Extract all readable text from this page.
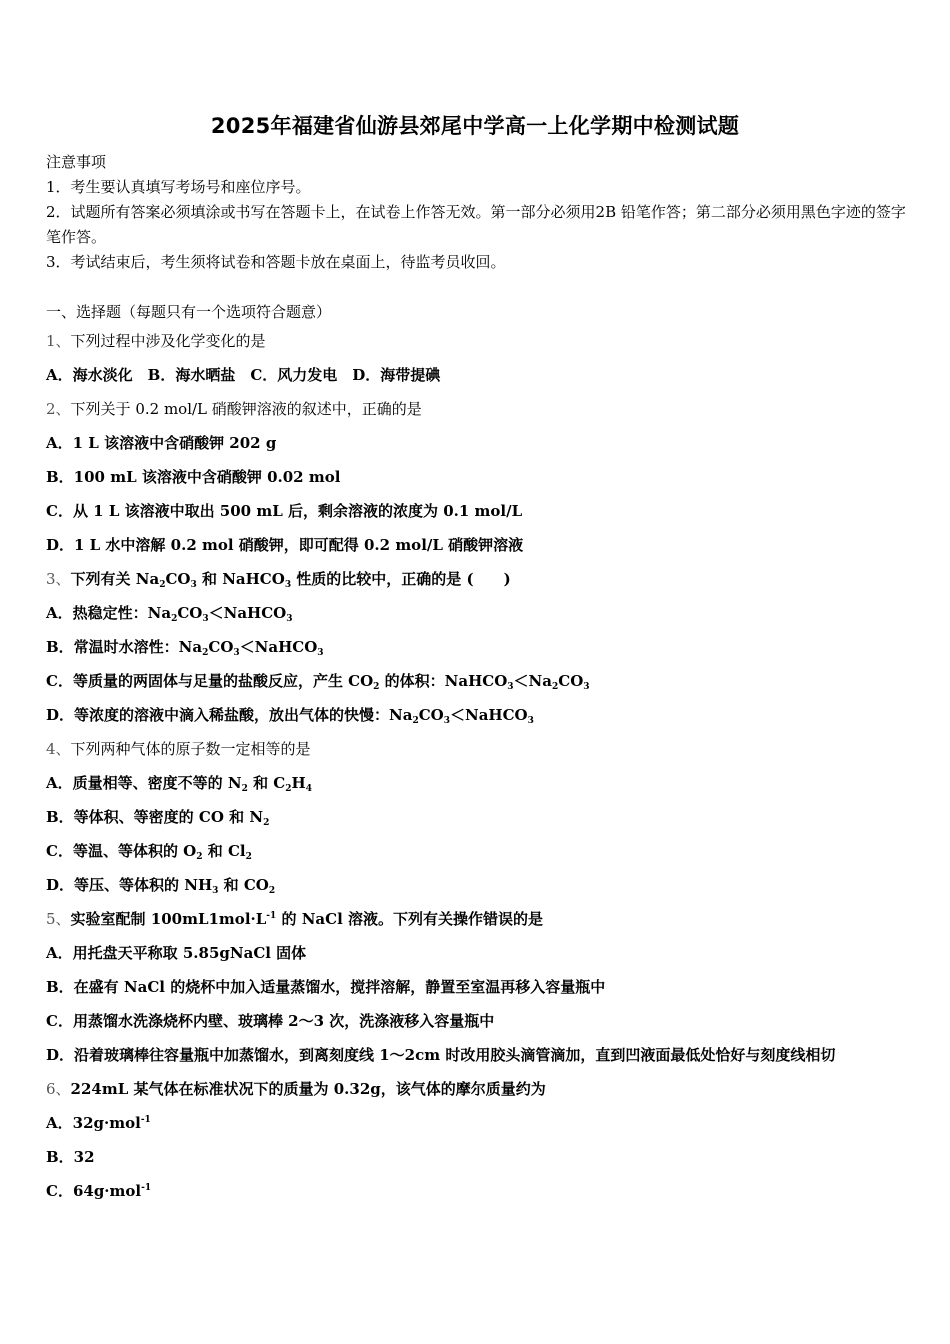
2025年福建省仙游县郊尾中学高一上化学期中检测试题

注意事项

1．考生要认真填写考场号和座位序号。

2．试题所有答案必须填涂或书写在答题卡上，在试卷上作答无效。第一部分必须用2B 铅笔作答；第二部分必须用黑色字迹的签字笔作答。

3．考试结束后，考生须将试卷和答题卡放在桌面上，待监考员收回。

一、选择题（每题只有一个选项符合题意）
1、下列过程中涉及化学变化的是
A．海水淡化　B．海水晒盐　C．风力发电　D．海带提碘
2、下列关于 0.2 mol/L 硝酸钾溶液的叙述中，正确的是
A．1 L 该溶液中含硝酸钾 202 g
B．100 mL 该溶液中含硝酸钾 0.02 mol
C．从 1 L 该溶液中取出 500 mL 后，剩余溶液的浓度为 0.1 mol/L
D．1 L 水中溶解 0.2 mol 硝酸钾，即可配得 0.2 mol/L 硝酸钾溶液
3、下列有关 $Na_2CO_3$ 和 NaHCO$_3$ 性质的比较中，正确的是 (　　)
A．热稳定性：$Na_2CO_3<NaHCO_3$
B．常温时水溶性：$Na_2CO_3<NaHCO_3$
C．等质量的两固体与足量的盐酸反应，产生 $CO_2$ 的体积：$NaHCO_3<Na_2CO_3$
D．等浓度的溶液中滴入稀盐酸，放出气体的快慢：$Na_2CO_3<NaHCO_3$
4、下列两种气体的原子数一定相等的是
A．质量相等、密度不等的 $N_2$ 和 $C_2H_4$
B．等体积、等密度的 CO 和 $N_2$
C．等温、等体积的 $O_2$ 和 $Cl_2$
D．等压、等体积的 $NH_3$ 和 $CO_2$
5、实验室配制 $100mL1mol\cdot L^{-1}$ 的 NaCl 溶液。下列有关操作错误的是
A．用托盘天平称取 5.85gNaCl 固体
B．在盛有 NaCl 的烧杯中加入适量蒸馏水，搅拌溶解，静置至室温再移入容量瓶中
C．用蒸馏水洗涤烧杯内壁、玻璃棒 2～3 次，洗涤液移入容量瓶中
D．沿着玻璃棒往容量瓶中加蒸馏水，到离刻度线 1～2cm 时改用胶头滴管滴加，直到凹液面最低处恰好与刻度线相切
6、224mL 某气体在标准状况下的质量为 0.32g，该气体的摩尔质量约为
A．32g·mol$^{-1}$
B．32
C．64g·mol$^{-1}$
